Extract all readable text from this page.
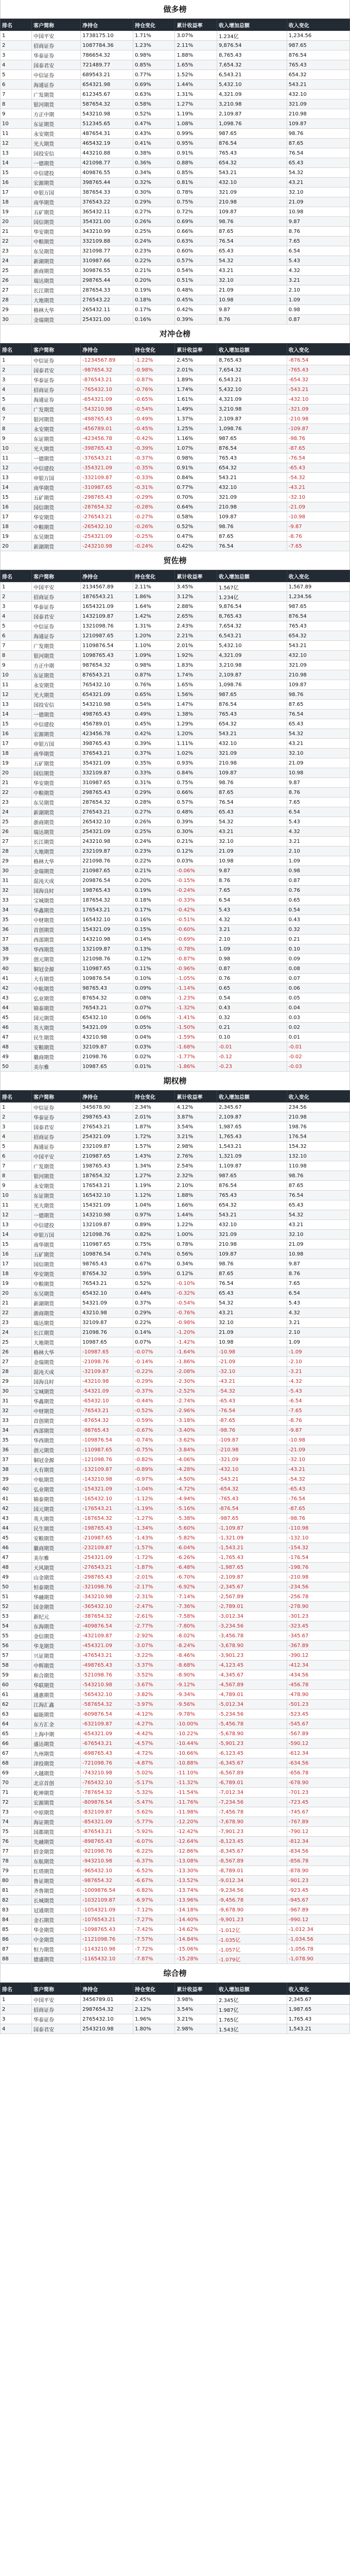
做多榜
排名	客户简称	净持仓	持仓变化	累计收益率	收入增加总额	收入变化
1	中国平安	1738175.10	1.71%	3.07%	1.234亿	1,234.56
2	招商证券	1087784.36	1.23%	2.11%	9,876.54	987.65
3	华泰证券	786654.32	0.98%	1.88%	8,765.43	876.54
4	国泰君安	721489.77	0.85%	1.65%	7,654.32	765.43
5	中信证券	689543.21	0.77%	1.52%	6,543.21	654.32
6	海通证券	654321.98	0.69%	1.44%	5,432.10	543.21
7	广发期货	612345.67	0.63%	1.31%	4,321.09	432.10
8	银河期货	587654.32	0.58%	1.27%	3,210.98	321.09
9	方正中期	543210.98	0.52%	1.19%	2,109.87	210.98
10	东证期货	512345.65	0.47%	1.08%	1,098.76	109.87
11	永安期货	487654.31	0.43%	0.99%	987.65	98.76
12	光大期货	465432.19	0.41%	0.95%	876.54	87.65
13	国投安信	443210.88	0.38%	0.91%	765.43	76.54
14	一德期货	421098.77	0.36%	0.88%	654.32	65.43
15	中信建投	409876.55	0.34%	0.85%	543.21	54.32
16	宏源期货	398765.44	0.32%	0.81%	432.10	43.21
17	申银万国	387654.33	0.30%	0.78%	321.09	32.10
18	南华期货	376543.22	0.29%	0.75%	210.98	21.09
19	五矿期货	365432.11	0.27%	0.72%	109.87	10.98
20	国信期货	354321.00	0.26%	0.69%	98.76	9.87
21	华安期货	343210.99	0.25%	0.66%	87.65	8.76
22	中粮期货	332109.88	0.24%	0.63%	76.54	7.65
23	东吴期货	321098.77	0.23%	0.60%	65.43	6.54
24	新湖期货	310987.66	0.22%	0.57%	54.32	5.43
25	浙商期货	309876.55	0.21%	0.54%	43.21	4.32
26	瑞达期货	298765.44	0.20%	0.51%	32.10	3.21
27	长江期货	287654.33	0.19%	0.48%	21.09	2.10
28	大地期货	276543.22	0.18%	0.45%	10.98	1.09
29	格林大华	265432.11	0.17%	0.42%	9.87	0.98
30	金瑞期货	254321.00	0.16%	0.39%	8.76	0.87
对冲仓榜
排名	客户简称	净持仓	持仓变化	累计收益率	收入增加总额	收入变化
1	中信证券	-1234567.89	-1.22%	2.45%	8,765.43	-876.54
2	国泰君安	-987654.32	-0.98%	2.01%	7,654.32	-765.43
3	华泰证券	-876543.21	-0.87%	1.89%	6,543.21	-654.32
4	招商证券	-765432.10	-0.76%	1.74%	5,432.10	-543.21
5	海通证券	-654321.09	-0.65%	1.61%	4,321.09	-432.10
6	广发期货	-543210.98	-0.54%	1.49%	3,210.98	-321.09
7	银河期货	-498765.43	-0.49%	1.37%	2,109.87	-210.98
8	永安期货	-456789.01	-0.45%	1.25%	1,098.76	-109.87
9	东证期货	-423456.78	-0.42%	1.16%	987.65	-98.76
10	光大期货	-398765.43	-0.39%	1.07%	876.54	-87.65
11	一德期货	-376543.21	-0.37%	0.98%	765.43	-76.54
12	中信建投	-354321.09	-0.35%	0.91%	654.32	-65.43
13	申银万国	-332109.87	-0.33%	0.84%	543.21	-54.32
14	南华期货	-310987.65	-0.31%	0.77%	432.10	-43.21
15	五矿期货	-298765.43	-0.29%	0.70%	321.09	-32.10
16	国信期货	-287654.32	-0.28%	0.64%	210.98	-21.09
17	华安期货	-276543.21	-0.27%	0.58%	109.87	-10.98
18	中粮期货	-265432.10	-0.26%	0.52%	98.76	-9.87
19	东吴期货	-254321.09	-0.25%	0.47%	87.65	-8.76
20	新湖期货	-243210.98	-0.24%	0.42%	76.54	-7.65
贸佐榜
排名	客户简称	净持仓	持仓变化	累计收益率	收入增加总额	收入变化
1	中国平安	2134567.89	2.11%	3.45%	1.567亿	1,567.89
2	招商证券	1876543.21	1.86%	3.12%	1.234亿	1,234.56
3	华泰证券	1654321.09	1.64%	2.88%	9,876.54	987.65
4	国泰君安	1432109.87	1.42%	2.65%	8,765.43	876.54
5	中信证券	1321098.76	1.31%	2.43%	7,654.32	765.43
6	海通证券	1210987.65	1.20%	2.21%	6,543.21	654.32
7	广发期货	1109876.54	1.10%	2.01%	5,432.10	543.21
8	银河期货	1098765.43	1.09%	1.92%	4,321.09	432.10
9	方正中期	987654.32	0.98%	1.83%	3,210.98	321.09
10	东证期货	876543.21	0.87%	1.74%	2,109.87	210.98
11	永安期货	765432.10	0.76%	1.65%	1,098.76	109.87
12	光大期货	654321.09	0.65%	1.56%	987.65	98.76
13	国投安信	543210.98	0.54%	1.47%	876.54	87.65
14	一德期货	498765.43	0.49%	1.38%	765.43	76.54
15	中信建投	456789.01	0.45%	1.29%	654.32	65.43
16	宏源期货	423456.78	0.42%	1.20%	543.21	54.32
17	申银万国	398765.43	0.39%	1.11%	432.10	43.21
18	南华期货	376543.21	0.37%	1.02%	321.09	32.10
19	五矿期货	354321.09	0.35%	0.93%	210.98	21.09
20	国信期货	332109.87	0.33%	0.84%	109.87	10.98
21	华安期货	310987.65	0.31%	0.75%	98.76	9.87
22	中粮期货	298765.43	0.29%	0.66%	87.65	8.76
23	东吴期货	287654.32	0.28%	0.57%	76.54	7.65
24	新湖期货	276543.21	0.27%	0.48%	65.43	6.54
25	浙商期货	265432.10	0.26%	0.39%	54.32	5.43
26	瑞达期货	254321.09	0.25%	0.30%	43.21	4.32
27	长江期货	243210.98	0.24%	0.21%	32.10	3.21
28	大地期货	232109.87	0.23%	0.12%	21.09	2.10
29	格林大华	221098.76	0.22%	0.03%	10.98	1.09
30	金瑞期货	210987.65	0.21%	-0.06%	9.87	0.98
31	混沌天成	209876.54	0.20%	-0.15%	8.76	0.87
32	国海良时	198765.43	0.19%	-0.24%	7.65	0.76
33	宝城期货	187654.32	0.18%	-0.33%	6.54	0.65
34	华鑫期货	176543.21	0.17%	-0.42%	5.43	0.54
35	中财期货	165432.10	0.16%	-0.51%	4.32	0.43
36	首创期货	154321.09	0.15%	-0.60%	3.21	0.32
37	西部期货	143210.98	0.14%	-0.69%	2.10	0.21
38	华西期货	132109.87	0.13%	-0.78%	1.09	0.10
39	创元期货	121098.76	0.12%	-0.87%	0.98	0.09
40	铜冠金源	110987.65	0.11%	-0.96%	0.87	0.08
41	大有期货	109876.54	0.10%	-1.05%	0.76	0.07
42	中航期货	98765.43	0.09%	-1.14%	0.65	0.06
43	弘业期货	87654.32	0.08%	-1.23%	0.54	0.05
44	锦泰期货	76543.21	0.07%	-1.32%	0.43	0.04
45	国元期货	65432.10	0.06%	-1.41%	0.32	0.03
46	英大期货	54321.09	0.05%	-1.50%	0.21	0.02
47	民生期货	43210.98	0.04%	-1.59%	0.10	0.01
48	安粮期货	32109.87	0.03%	-1.68%	-0.01	-0.01
49	徽商期货	21098.76	0.02%	-1.77%	-0.12	-0.02
50	美尔雅	10987.65	0.01%	-1.86%	-0.23	-0.03
期权榜
排名	客户简称	净持仓	持仓变化	累计收益率	收入增加总额	收入变化
1	中信证券	345678.90	2.34%	4.12%	2,345.67	234.56
2	华泰证券	298765.43	2.01%	3.87%	2,109.87	210.98
3	国泰君安	276543.21	1.87%	3.54%	1,987.65	198.76
4	招商证券	254321.09	1.72%	3.21%	1,765.43	176.54
5	海通证券	232109.87	1.57%	2.98%	1,543.21	154.32
6	中国平安	210987.65	1.43%	2.76%	1,321.09	132.10
7	广发期货	198765.43	1.34%	2.54%	1,109.87	110.98
8	银河期货	187654.32	1.27%	2.32%	987.65	98.76
9	永安期货	176543.21	1.19%	2.10%	876.54	87.65
10	东证期货	165432.10	1.12%	1.88%	765.43	76.54
11	光大期货	154321.09	1.04%	1.66%	654.32	65.43
12	一德期货	143210.98	0.97%	1.44%	543.21	54.32
13	中信建投	132109.87	0.89%	1.22%	432.10	43.21
14	申银万国	121098.76	0.82%	1.00%	321.09	32.10
15	南华期货	110987.65	0.75%	0.78%	210.98	21.09
16	五矿期货	109876.54	0.74%	0.56%	109.87	10.98
17	国信期货	98765.43	0.67%	0.34%	98.76	9.87
18	华安期货	87654.32	0.59%	0.12%	87.65	8.76
19	中粮期货	76543.21	0.52%	-0.10%	76.54	7.65
20	东吴期货	65432.10	0.44%	-0.32%	65.43	6.54
21	新湖期货	54321.09	0.37%	-0.54%	54.32	5.43
22	浙商期货	43210.98	0.29%	-0.76%	43.21	4.32
23	瑞达期货	32109.87	0.22%	-0.98%	32.10	3.21
24	长江期货	21098.76	0.14%	-1.20%	21.09	2.10
25	大地期货	10987.65	0.07%	-1.42%	10.98	1.09
26	格林大华	-10987.65	-0.07%	-1.64%	-10.98	-1.09
27	金瑞期货	-21098.76	-0.14%	-1.86%	-21.09	-2.10
28	混沌天成	-32109.87	-0.22%	-2.08%	-32.10	-3.21
29	国海良时	-43210.98	-0.29%	-2.30%	-43.21	-4.32
30	宝城期货	-54321.09	-0.37%	-2.52%	-54.32	-5.43
31	华鑫期货	-65432.10	-0.44%	-2.74%	-65.43	-6.54
32	中财期货	-76543.21	-0.52%	-2.96%	-76.54	-7.65
33	首创期货	-87654.32	-0.59%	-3.18%	-87.65	-8.76
34	西部期货	-98765.43	-0.67%	-3.40%	-98.76	-9.87
35	华西期货	-109876.54	-0.74%	-3.62%	-109.87	-10.98
36	创元期货	-110987.65	-0.75%	-3.84%	-210.98	-21.09
37	铜冠金源	-121098.76	-0.82%	-4.06%	-321.09	-32.10
38	大有期货	-132109.87	-0.89%	-4.28%	-432.10	-43.21
39	中航期货	-143210.98	-0.97%	-4.50%	-543.21	-54.32
40	弘业期货	-154321.09	-1.04%	-4.72%	-654.32	-65.43
41	锦泰期货	-165432.10	-1.12%	-4.94%	-765.43	-76.54
42	国元期货	-176543.21	-1.19%	-5.16%	-876.54	-87.65
43	英大期货	-187654.32	-1.27%	-5.38%	-987.65	-98.76
44	民生期货	-198765.43	-1.34%	-5.60%	-1,109.87	-110.98
45	安粮期货	-210987.65	-1.43%	-5.82%	-1,321.09	-132.10
46	徽商期货	-232109.87	-1.57%	-6.04%	-1,543.21	-154.32
47	美尔雅	-254321.09	-1.72%	-6.26%	-1,765.43	-176.54
48	天风期货	-276543.21	-1.87%	-6.48%	-1,987.65	-198.76
49	山金期货	-298765.43	-2.01%	-6.70%	-2,109.87	-210.98
50	恒泰期货	-321098.76	-2.17%	-6.92%	-2,345.67	-234.56
51	华融期货	-343210.98	-2.31%	-7.14%	-2,567.89	-256.78
52	国金期货	-365432.10	-2.47%	-7.36%	-2,789.01	-278.90
53	新纪元	-387654.32	-2.61%	-7.58%	-3,012.34	-301.23
54	东海期货	-409876.54	-2.77%	-7.80%	-3,234.56	-323.45
55	金信期货	-432109.87	-2.92%	-8.02%	-3,456.78	-345.67
56	华龙期货	-454321.09	-3.07%	-8.24%	-3,678.90	-367.89
57	兴证期货	-476543.21	-3.22%	-8.46%	-3,901.23	-390.12
58	中辉期货	-498765.43	-3.37%	-8.68%	-4,123.45	-412.34
59	和合期货	-521098.76	-3.52%	-8.90%	-4,345.67	-434.56
60	华联期货	-543210.98	-3.67%	-9.12%	-4,567.89	-456.78
61	通惠期货	-565432.10	-3.82%	-9.34%	-4,789.01	-478.90
62	江海汇鑫	-587654.32	-3.97%	-9.56%	-5,012.34	-501.23
63	福能期货	-609876.54	-4.12%	-9.78%	-5,234.56	-523.45
64	东方汇金	-632109.87	-4.27%	-10.00%	-5,456.78	-545.67
65	上海中期	-654321.09	-4.42%	-10.22%	-5,678.90	-567.89
66	盛达期货	-676543.21	-4.57%	-10.44%	-5,901.23	-590.12
67	九州期货	-698765.43	-4.72%	-10.66%	-6,123.45	-612.34
68	津投期货	-721098.76	-4.87%	-10.88%	-6,345.67	-634.56
69	大越期货	-743210.98	-5.02%	-11.10%	-6,567.89	-656.78
70	北京首创	-765432.10	-5.17%	-11.32%	-6,789.01	-678.90
71	乾坤期货	-787654.32	-5.32%	-11.54%	-7,012.34	-701.23
72	宏源期货	-809876.54	-5.47%	-11.76%	-7,234.56	-723.45
73	中原期货	-832109.87	-5.62%	-11.98%	-7,456.78	-745.67
74	海证期货	-854321.09	-5.77%	-12.20%	-7,678.90	-767.89
75	国都期货	-876543.21	-5.92%	-12.42%	-7,901.23	-790.12
76	先融期货	-898765.43	-6.07%	-12.64%	-8,123.45	-812.34
77	招金期货	-921098.76	-6.22%	-12.86%	-8,345.67	-834.56
78	东航期货	-943210.98	-6.37%	-13.08%	-8,567.89	-856.78
79	红塔期货	-965432.10	-6.52%	-13.30%	-8,789.01	-878.90
80	鲁证期货	-987654.32	-6.67%	-13.52%	-9,012.34	-901.23
81	齐鲁期货	-1009876.54	-6.82%	-13.74%	-9,234.56	-923.45
82	长城期货	-1032109.87	-6.97%	-13.96%	-9,456.78	-945.67
83	冠通期货	-1054321.09	-7.12%	-14.18%	-9,678.90	-967.89
84	金石期货	-1076543.21	-7.27%	-14.40%	-9,901.23	-990.12
85	华金期货	-1098765.43	-7.42%	-14.62%	-1.012亿	-1,012.34
86	中金期货	-1121098.76	-7.57%	-14.84%	-1.035亿	-1,034.56
87	恒力期货	-1143210.98	-7.72%	-15.06%	-1.057亿	-1,056.78
88	德盛期货	-1165432.10	-7.87%	-15.28%	-1.079亿	-1,078.90
综合榜
排名	客户简称	净持仓	持仓变化	累计收益率	收入增加总额	收入变化
1	中国平安	3456789.01	2.45%	3.98%	2.345亿	2,345.67
2	招商证券	2987654.32	2.12%	3.54%	1.987亿	1,987.65
3	华泰证券	2765432.10	1.96%	3.21%	1.765亿	1,765.43
4	国泰君安	2543210.98	1.80%	2.98%	1.543亿	1,543.21
